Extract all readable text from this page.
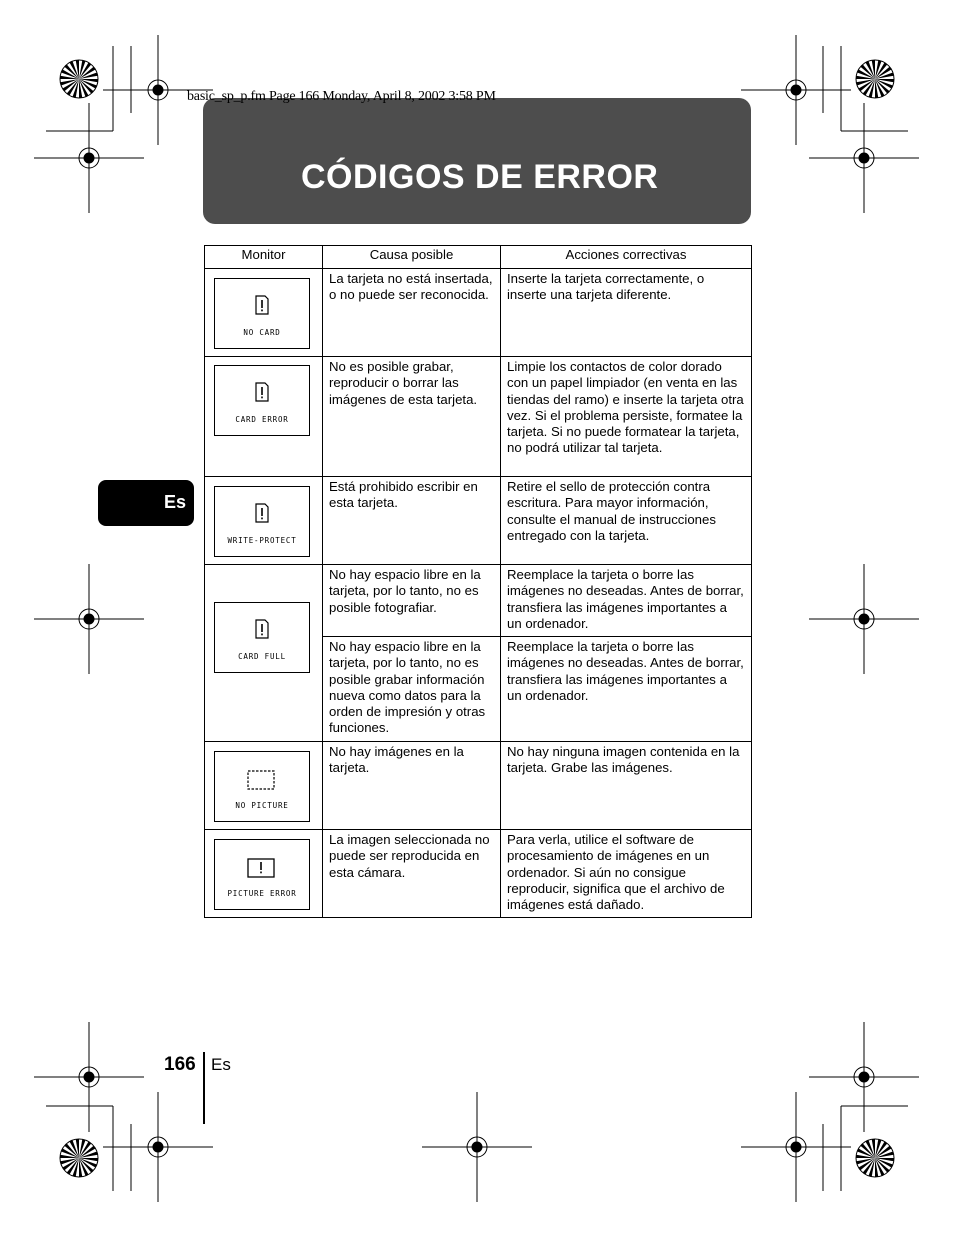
basic_sp_p.fm Page 166 Monday, April 8, 2002 3:58 PM
CÓDIGOS DE ERROR
Es
Monitor	Causa posible	Acciones correctivas

NO CARD	La tarjeta no está insertada, o no puede ser reconocida.	Inserte la tarjeta correctamente, o inserte una tarjeta diferente.

CARD ERROR	No es posible grabar, reproducir o borrar las imágenes de esta tarjeta.	Limpie los contactos de color dorado con un papel limpiador (en venta en las tiendas del ramo) e inserte la tarjeta otra vez. Si el problema persiste, formatee la tarjeta. Si no puede formatear la tarjeta, no podrá utilizar tal tarjeta.

WRITE-PROTECT	Está prohibido escribir en esta tarjeta.	Retire el sello de protección contra escritura. Para mayor información, consulte el manual de instrucciones entregado con la tarjeta.

CARD FULL	No hay espacio libre en la tarjeta, por lo tanto, no es posible fotografiar.	Reemplace la tarjeta o borre las imágenes no deseadas. Antes de borrar, transfiera las imágenes importantes a un ordenador.
	No hay espacio libre en la tarjeta, por lo tanto, no es posible grabar información nueva como datos para la orden de impresión y otras funciones.	Reemplace la tarjeta o borre las imágenes no deseadas. Antes de borrar, transfiera las imágenes importantes a un ordenador.

NO PICTURE	No hay imágenes en la tarjeta.	No hay ninguna imagen contenida en la tarjeta. Grabe las imágenes.

PICTURE ERROR	La imagen seleccionada no puede ser reproducida en esta cámara.	Para verla, utilice el software de procesamiento de imágenes en un ordenador. Si aún no consigue reproducir, significa que el archivo de imágenes está dañado.
166 Es
